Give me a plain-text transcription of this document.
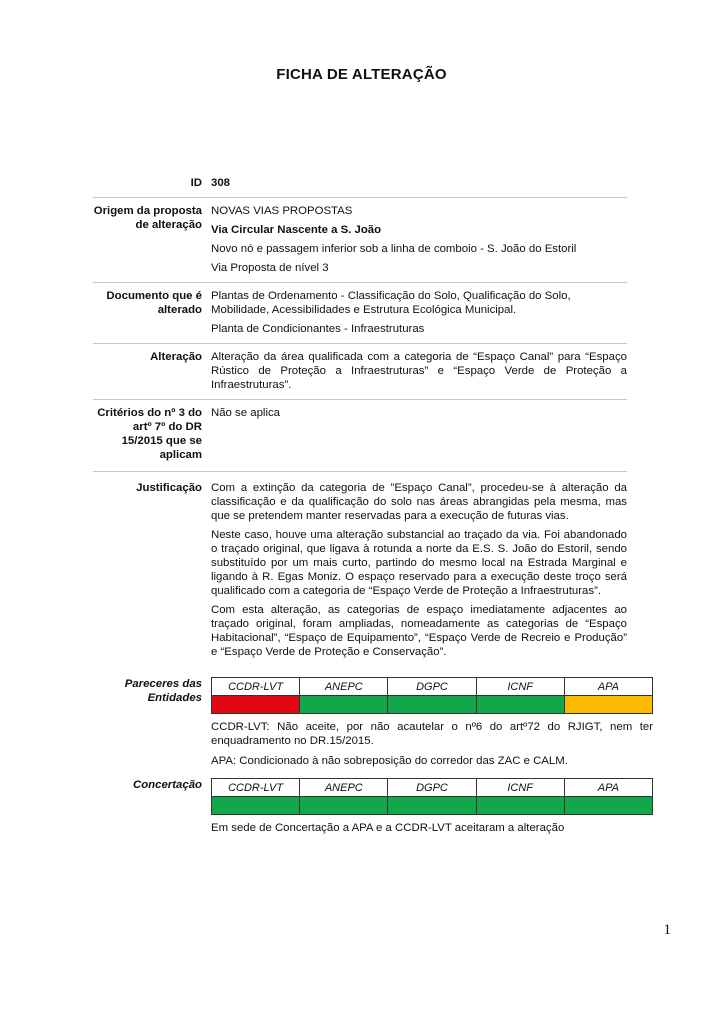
FICHA DE ALTERAÇÃO
ID 308
Origem da proposta de alteração

NOVAS VIAS PROPOSTAS

Via Circular Nascente a S. João

Novo nó e passagem inferior sob a linha de comboio - S. João do Estoril

Via Proposta de nível 3

Documento que é alterado

Plantas de Ordenamento - Classificação do Solo, Qualificação do Solo, Mobilidade, Acessibilidades e Estrutura Ecológica Municipal.

Planta de Condicionantes - Infraestruturas

Alteração Alteração da área qualificada com a categoria de “Espaço Canal” para “Espaço Rústico de Proteção a Infraestruturas” e “Espaço Verde de Proteção a Infraestruturas”.

Critérios do nº 3 do artº 7º do DR 15/2015 que se aplicam
Não se aplica
Justificação Com a extinção da categoria de ”Espaço Canal”, procedeu-se à alteração da classificação e da qualificação do solo nas áreas abrangidas pela mesma, mas que se pretendem manter reservadas para a execução de futuras vias.

Neste caso, houve uma alteração substancial ao traçado da via. Foi abandonado o traçado original, que ligava à rotunda a norte da E.S. S. João do Estoril, sendo substituído por um mais curto, partindo do mesmo local na Estrada Marginal e ligando à R. Egas Moniz. O espaço reservado para a execução deste troço será qualificado com a categoria de “Espaço Verde de Proteção a Infraestruturas”.

Com esta alteração, as categorias de espaço imediatamente adjacentes ao traçado original, foram ampliadas, nomeadamente as categorias de “Espaço Habitacional”, “Espaço de Equipamento”, “Espaço Verde de Recreio e Produção” e “Espaço Verde de Proteção e Conservação”.

Pareceres das Entidades
CCDR-LVT	ANEPC	DGPC	ICNF	APA

CCDR-LVT: Não aceite, por não acautelar o nº6 do artº72 do RJIGT, nem ter enquadramento no DR.15/2015.

APA: Condicionado à não sobreposição do corredor das ZAC e CALM.

Concertação	CCDR-LVT	ANEPC	DGPC	ICNF	APA

Em sede de Concertação a APA e a CCDR-LVT aceitaram a alteração

1
